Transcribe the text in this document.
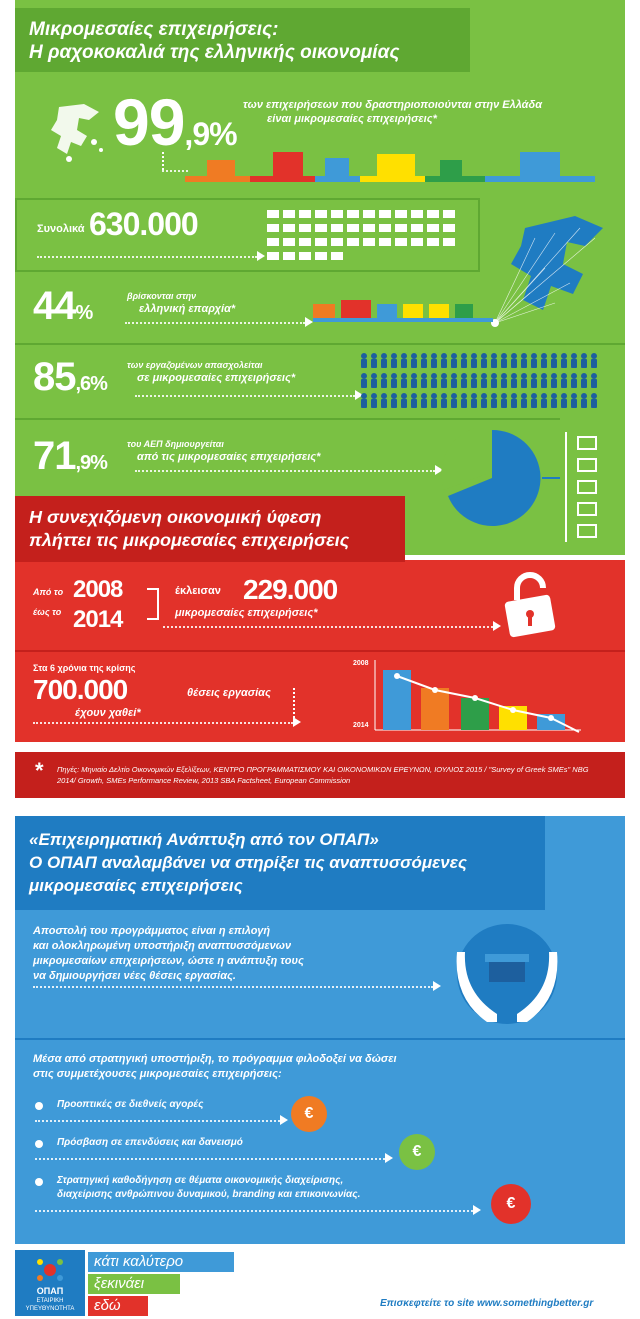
Μικρομεσαίες επιχειρήσεις:
Η ραχοκοκαλιά της ελληνικής οικονομίας
99,9%
των επιχειρήσεων που δραστηριοποιούνται στην Ελλάδα
είναι μικρομεσαίες επιχειρήσεις*
Συνολικά 630.000
44%
βρίσκονται στην
ελληνική επαρχία*
85,6%
των εργαζομένων απασχολείται
σε μικρομεσαίες επιχειρήσεις*
71,9%
του ΑΕΠ δημιουργείται
από τις μικρομεσαίες επιχειρήσεις*
Η συνεχιζόμενη οικονομική ύφεση
πλήττει τις μικρομεσαίες επιχειρήσεις
Από το
έως το
2008
2014
έκλεισαν 229.000
μικρομεσαίες επιχειρήσεις*
Στα 6 χρόνια της κρίσης
700.000	θέσεις εργασίας
έχουν χαθεί*
2008
2014
* Πηγές: Μηνιαίο Δελτίο Οικονομικών Εξελίξεων, ΚΕΝΤΡΟ ΠΡΟΓΡΑΜΜΑΤΙΣΜΟΥ ΚΑΙ ΟΙΚΟΝΟΜΙΚΩΝ ΕΡΕΥΝΩΝ, ΙΟΥΛΙΟΣ 2015 / "Survey of Greek SMEs" NBG 2014/ Growth, SMEs Performance Review, 2013 SBA Factsheet, European Commission
«Επιχειρηματική Ανάπτυξη από τον ΟΠΑΠ»
Ο ΟΠΑΠ αναλαμβάνει να στηρίξει τις αναπτυσσόμενες
μικρομεσαίες επιχειρήσεις
Αποστολή του προγράμματος είναι η επιλογή
και ολοκληρωμένη υποστήριξη αναπτυσσόμενων
μικρομεσαίων επιχειρήσεων, ώστε η ανάπτυξη τους
να δημιουργήσει νέες θέσεις εργασίας.
Μέσα από στρατηγική υποστήριξη, το πρόγραμμα φιλοδοξεί να δώσει
στις συμμετέχουσες μικρομεσαίες επιχειρήσεις:
Προοπτικές σε διεθνείς αγορές
€
Πρόσβαση σε επενδύσεις και δανεισμό
€
Στρατηγική καθοδήγηση σε θέματα οικονομικής διαχείρισης,
διαχείρισης ανθρώπινου δυναμικού, branding και επικοινωνίας.
€
ΟΠΑΠ
ΕΤΑΙΡΙΚΗ
ΥΠΕΥΘΥΝΟΤΗΤΑ
κάτι καλύτερο
ξεκινάει
εδώ	Επισκεφτείτε το site www.somethingbetter.gr
